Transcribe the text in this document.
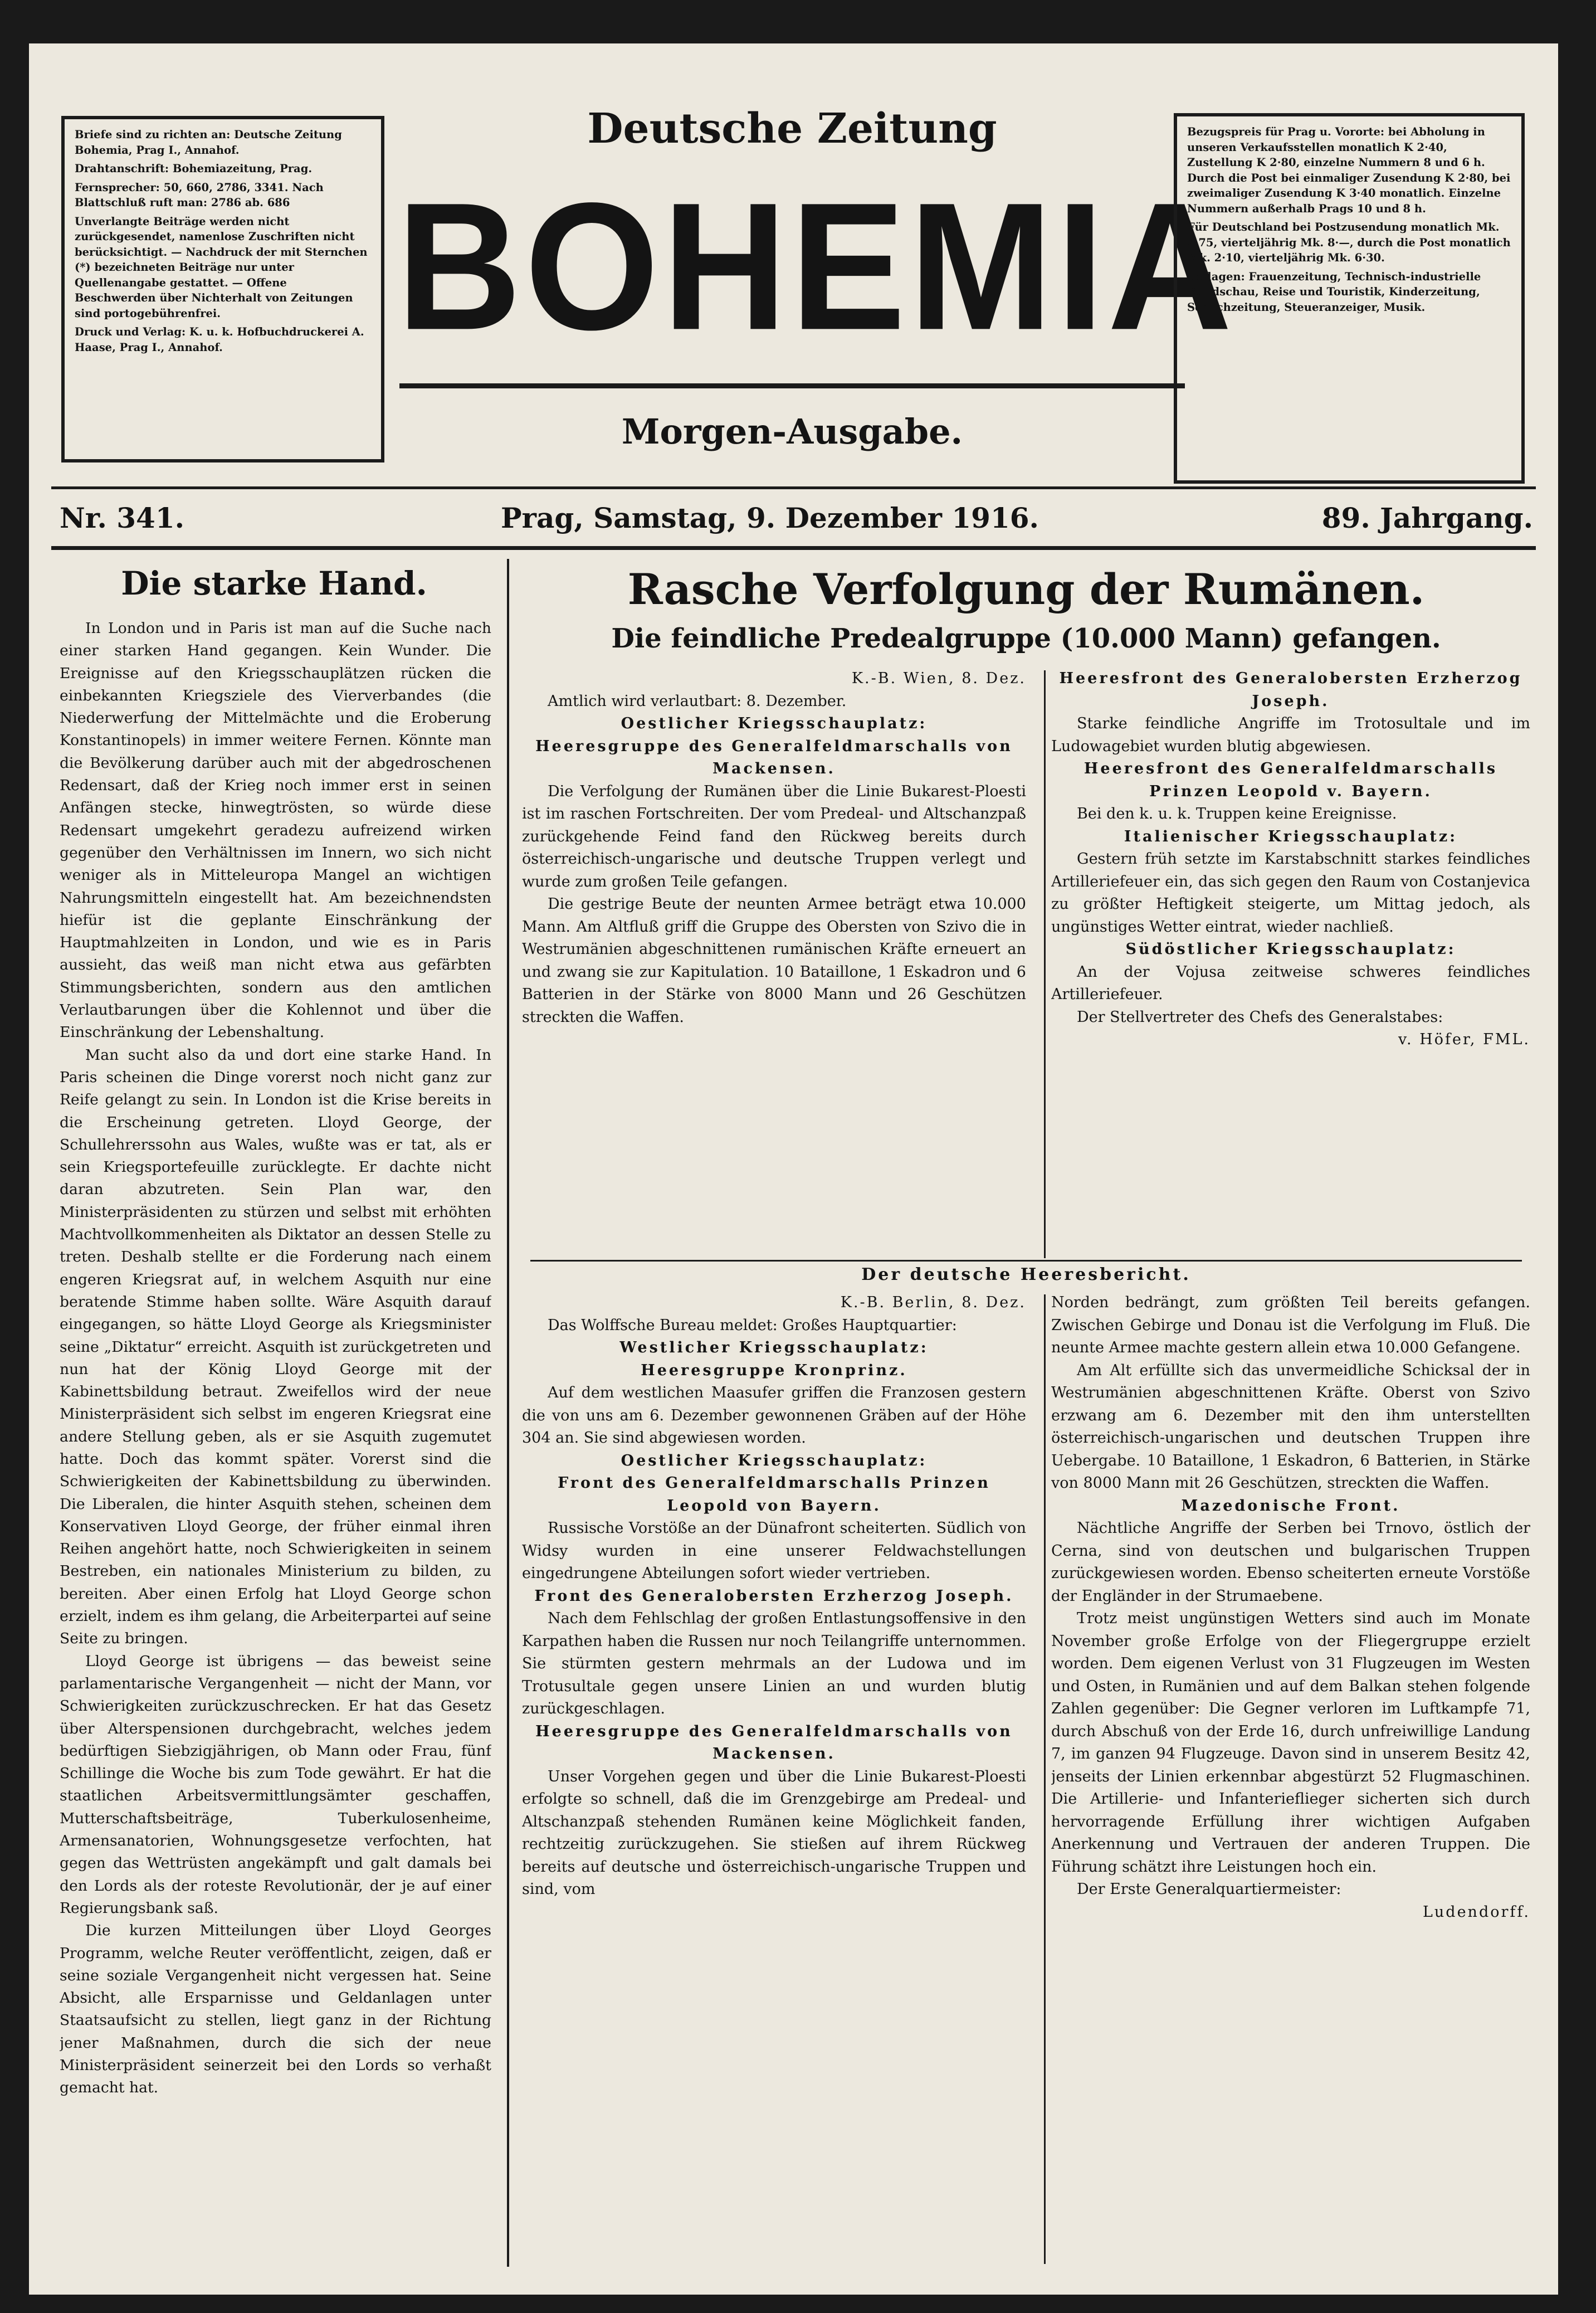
Briefe sind zu richten an: Deutsche Zeitung Bohemia, Prag I., Annahof.

Drahtanschrift: Bohemiazeitung, Prag.

Fernsprecher: 50, 660, 2786, 3341. Nach Blattschluß ruft man: 2786 ab. 686

Unverlangte Beiträge werden nicht zurückgesendet, namenlose Zuschriften nicht berücksichtigt. — Nachdruck der mit Sternchen (*) bezeichneten Beiträge nur unter Quellenangabe gestattet. — Offene Beschwerden über Nichterhalt von Zeitungen sind portogebührenfrei.

Druck und Verlag: K. u. k. Hofbuchdruckerei A. Haase, Prag I., Annahof.

Deutsche Zeitung
BOHEMIA
Morgen-Ausgabe.

Bezugspreis für Prag u. Vororte: bei Abholung in unseren Verkaufsstellen monatlich K 2·40, Zustellung K 2·80, einzelne Nummern 8 und 6 h. Durch die Post bei einmaliger Zusendung K 2·80, bei zweimaliger Zusendung K 3·40 monatlich. Einzelne Nummern außerhalb Prags 10 und 8 h.

Für Deutschland bei Postzusendung monatlich Mk. 2·75, vierteljährig Mk. 8·—, durch die Post monatlich Mk. 2·10, vierteljährig Mk. 6·30.

Beilagen: Frauenzeitung, Technisch-industrielle Rundschau, Reise und Touristik, Kinderzeitung, Schachzeitung, Steueranzeiger, Musik.

Nr. 341.	Prag, Samstag, 9. Dezember 1916.	89. Jahrgang.
Die starke Hand.

In London und in Paris ist man auf die Suche nach einer starken Hand gegangen. Kein Wunder. Die Ereignisse auf den Kriegsschauplätzen rücken die einbekannten Kriegsziele des Vierverbandes (die Niederwerfung der Mittelmächte und die Eroberung Konstantinopels) in immer weitere Fernen. Könnte man die Bevölkerung darüber auch mit der abgedroschenen Redensart, daß der Krieg noch immer erst in seinen Anfängen stecke, hinwegtrösten, so würde diese Redensart umgekehrt geradezu aufreizend wirken gegenüber den Verhältnissen im Innern, wo sich nicht weniger als in Mitteleuropa Mangel an wichtigen Nahrungsmitteln eingestellt hat. Am bezeichnendsten hiefür ist die geplante Einschränkung der Hauptmahlzeiten in London, und wie es in Paris aussieht, das weiß man nicht etwa aus gefärbten Stimmungsberichten, sondern aus den amtlichen Verlautbarungen über die Kohlennot und über die Einschränkung der Lebenshaltung.

Man sucht also da und dort eine starke Hand. In Paris scheinen die Dinge vorerst noch nicht ganz zur Reife gelangt zu sein. In London ist die Krise bereits in die Erscheinung getreten. Lloyd George, der Schullehrerssohn aus Wales, wußte was er tat, als er sein Kriegsportefeuille zurücklegte. Er dachte nicht daran abzutreten. Sein Plan war, den Ministerpräsidenten zu stürzen und selbst mit erhöhten Machtvollkommenheiten als Diktator an dessen Stelle zu treten. Deshalb stellte er die Forderung nach einem engeren Kriegsrat auf, in welchem Asquith nur eine beratende Stimme haben sollte. Wäre Asquith darauf eingegangen, so hätte Lloyd George als Kriegsminister seine „Diktatur“ erreicht. Asquith ist zurückgetreten und nun hat der König Lloyd George mit der Kabinettsbildung betraut. Zweifellos wird der neue Ministerpräsident sich selbst im engeren Kriegsrat eine andere Stellung geben, als er sie Asquith zugemutet hatte. Doch das kommt später. Vorerst sind die Schwierigkeiten der Kabinettsbildung zu überwinden. Die Liberalen, die hinter Asquith stehen, scheinen dem Konservativen Lloyd George, der früher einmal ihren Reihen angehört hatte, noch Schwierigkeiten in seinem Bestreben, ein nationales Ministerium zu bilden, zu bereiten. Aber einen Erfolg hat Lloyd George schon erzielt, indem es ihm gelang, die Arbeiterpartei auf seine Seite zu bringen.

Lloyd George ist übrigens — das beweist seine parlamentarische Vergangenheit — nicht der Mann, vor Schwierigkeiten zurückzuschrecken. Er hat das Gesetz über Alterspensionen durchgebracht, welches jedem bedürftigen Siebzigjährigen, ob Mann oder Frau, fünf Schillinge die Woche bis zum Tode gewährt. Er hat die staatlichen Arbeitsvermittlungsämter geschaffen, Mutterschaftsbeiträge, Tuberkulosenheime, Armensanatorien, Wohnungsgesetze verfochten, hat gegen das Wettrüsten angekämpft und galt damals bei den Lords als der roteste Revolutionär, der je auf einer Regierungsbank saß.

Die kurzen Mitteilungen über Lloyd Georges Programm, welche Reuter veröffentlicht, zeigen, daß er seine soziale Vergangenheit nicht vergessen hat. Seine Absicht, alle Ersparnisse und Geldanlagen unter Staatsaufsicht zu stellen, liegt ganz in der Richtung jener Maßnahmen, durch die sich der neue Ministerpräsident seinerzeit bei den Lords so verhaßt gemacht hat.

Rasche Verfolgung der Rumänen.
Die feindliche Predealgruppe (10.000 Mann) gefangen.

K.-B. Wien, 8. Dez.

Amtlich wird verlautbart: 8. Dezember.

Oestlicher Kriegsschauplatz:

Heeresgruppe des Generalfeldmarschalls von Mackensen.

Die Verfolgung der Rumänen über die Linie Bukarest-Ploesti ist im raschen Fortschreiten. Der vom Predeal- und Altschanzpaß zurückgehende Feind fand den Rückweg bereits durch österreichisch-ungarische und deutsche Truppen verlegt und wurde zum großen Teile gefangen.

Die gestrige Beute der neunten Armee beträgt etwa 10.000 Mann. Am Altfluß griff die Gruppe des Obersten von Szivo die in Westrumänien abgeschnittenen rumänischen Kräfte erneuert an und zwang sie zur Kapitulation. 10 Bataillone, 1 Eskadron und 6 Batterien in der Stärke von 8000 Mann und 26 Geschützen streckten die Waffen.

Heeresfront des Generalobersten Erzherzog Joseph.

Starke feindliche Angriffe im Trotosultale und im Ludowagebiet wurden blutig abgewiesen.

Heeresfront des Generalfeldmarschalls Prinzen Leopold v. Bayern.

Bei den k. u. k. Truppen keine Ereignisse.

Italienischer Kriegsschauplatz:

Gestern früh setzte im Karstabschnitt starkes feindliches Artilleriefeuer ein, das sich gegen den Raum von Costanjevica zu größter Heftigkeit steigerte, um Mittag jedoch, als ungünstiges Wetter eintrat, wieder nachließ.

Südöstlicher Kriegsschauplatz:

An der Vojusa zeitweise schweres feindliches Artilleriefeuer.

Der Stellvertreter des Chefs des Generalstabes:

v. Höfer, FML.

Der deutsche Heeresbericht.

K.-B. Berlin, 8. Dez.

Das Wolffsche Bureau meldet: Großes Hauptquartier:

Westlicher Kriegsschauplatz:

Heeresgruppe Kronprinz.

Auf dem westlichen Maasufer griffen die Franzosen gestern die von uns am 6. Dezember gewonnenen Gräben auf der Höhe 304 an. Sie sind abgewiesen worden.

Oestlicher Kriegsschauplatz:

Front des Generalfeldmarschalls Prinzen Leopold von Bayern.

Russische Vorstöße an der Dünafront scheiterten. Südlich von Widsy wurden in eine unserer Feldwachstellungen eingedrungene Abteilungen sofort wieder vertrieben.

Front des Generalobersten Erzherzog Joseph.

Nach dem Fehlschlag der großen Entlastungsoffensive in den Karpathen haben die Russen nur noch Teilangriffe unternommen. Sie stürmten gestern mehrmals an der Ludowa und im Trotusultale gegen unsere Linien an und wurden blutig zurückgeschlagen.

Heeresgruppe des Generalfeldmarschalls von Mackensen.

Unser Vorgehen gegen und über die Linie Bukarest-Ploesti erfolgte so schnell, daß die im Grenzgebirge am Predeal- und Altschanzpaß stehenden Rumänen keine Möglichkeit fanden, rechtzeitig zurückzugehen. Sie stießen auf ihrem Rückweg bereits auf deutsche und österreichisch-ungarische Truppen und sind, vom

Norden bedrängt, zum größten Teil bereits gefangen. Zwischen Gebirge und Donau ist die Verfolgung im Fluß. Die neunte Armee machte gestern allein etwa 10.000 Gefangene.

Am Alt erfüllte sich das unvermeidliche Schicksal der in Westrumänien abgeschnittenen Kräfte. Oberst von Szivo erzwang am 6. Dezember mit den ihm unterstellten österreichisch-ungarischen und deutschen Truppen ihre Uebergabe. 10 Bataillone, 1 Eskadron, 6 Batterien, in Stärke von 8000 Mann mit 26 Geschützen, streckten die Waffen.

Mazedonische Front.

Nächtliche Angriffe der Serben bei Trnovo, östlich der Cerna, sind von deutschen und bulgarischen Truppen zurückgewiesen worden. Ebenso scheiterten erneute Vorstöße der Engländer in der Strumaebene.

Trotz meist ungünstigen Wetters sind auch im Monate November große Erfolge von der Fliegergruppe erzielt worden. Dem eigenen Verlust von 31 Flugzeugen im Westen und Osten, in Rumänien und auf dem Balkan stehen folgende Zahlen gegenüber: Die Gegner verloren im Luftkampfe 71, durch Abschuß von der Erde 16, durch unfreiwillige Landung 7, im ganzen 94 Flugzeuge. Davon sind in unserem Besitz 42, jenseits der Linien erkennbar abgestürzt 52 Flugmaschinen. Die Artillerie- und Infanterieflieger sicherten sich durch hervorragende Erfüllung ihrer wichtigen Aufgaben Anerkennung und Vertrauen der anderen Truppen. Die Führung schätzt ihre Leistungen hoch ein.

Der Erste Generalquartiermeister:

Ludendorff.
